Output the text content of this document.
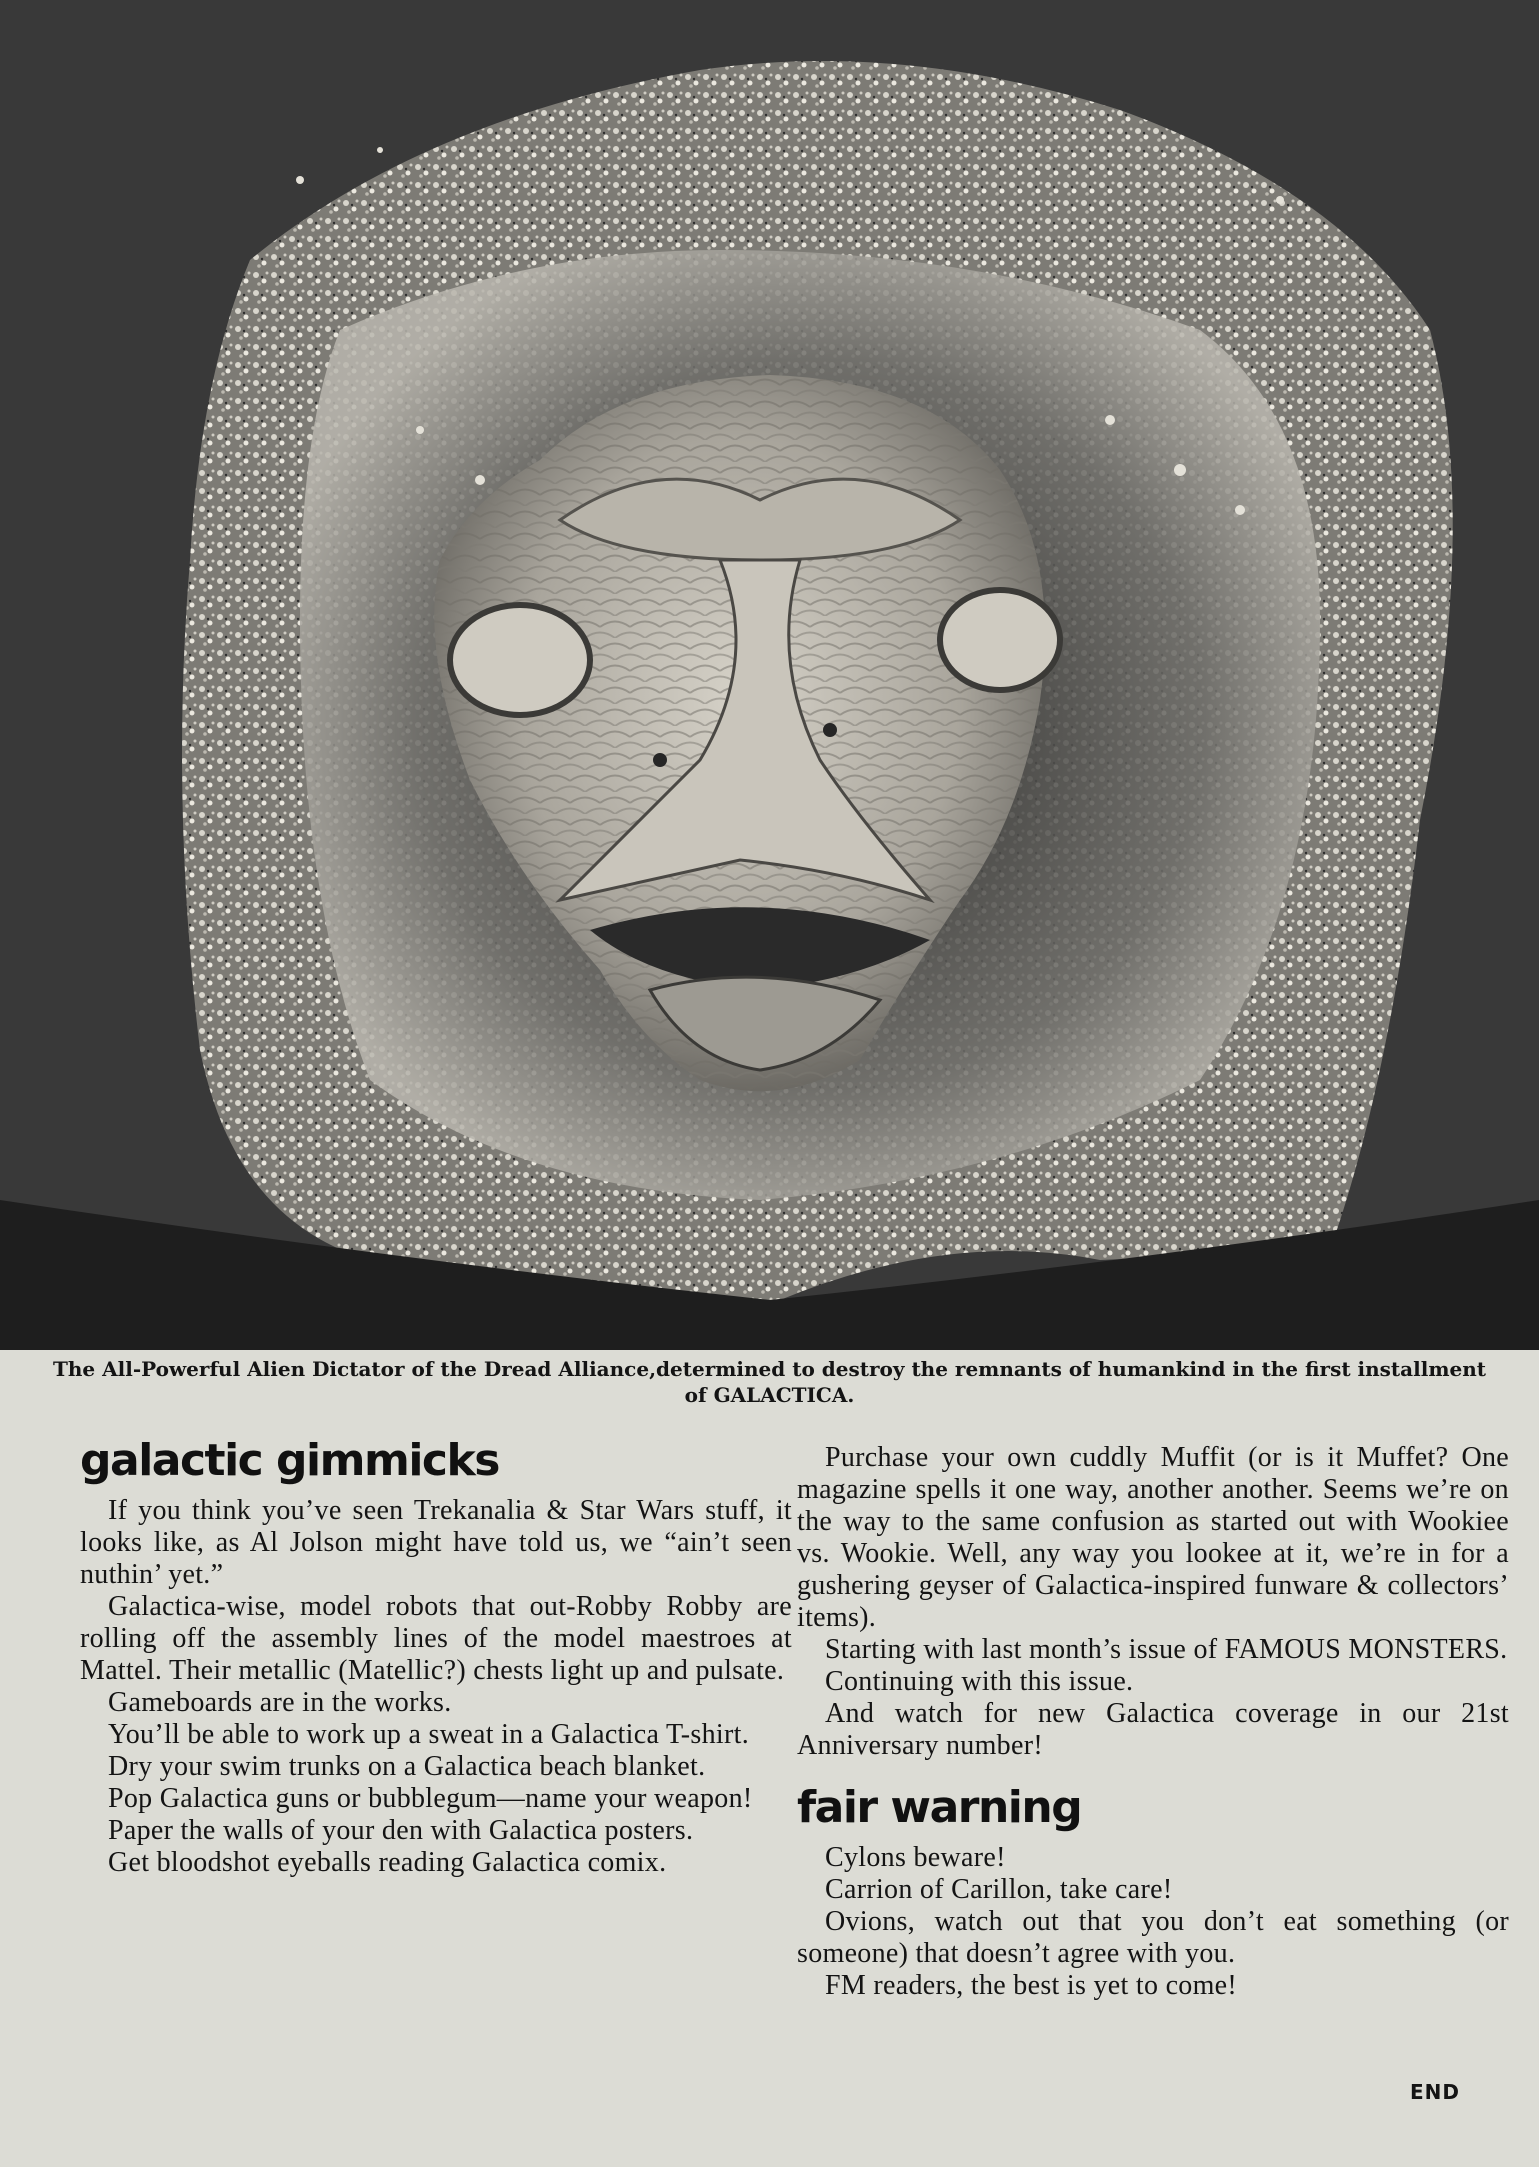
The All-Powerful Alien Dictator of the Dread Alliance,determined to destroy the remnants of humankind in the first installment of GALACTICA.

galactic gimmicks

If you think you’ve seen Trekanalia & Star Wars stuff, it looks like, as Al Jolson might have told us, we “ain’t seen nuthin’ yet.”

Galactica-wise, model robots that out-Robby Robby are rolling off the assembly lines of the model maestroes at Mattel. Their metallic (Matellic?) chests light up and pulsate.

Gameboards are in the works.

You’ll be able to work up a sweat in a Galactica T-shirt.

Dry your swim trunks on a Galactica beach blanket.

Pop Galactica guns or bubblegum—name your weapon!

Paper the walls of your den with Galactica posters.

Get bloodshot eyeballs reading Galactica comix.

Purchase your own cuddly Muffit (or is it Muffet? One magazine spells it one way, another another. Seems we’re on the way to the same confusion as started out with Wookiee vs. Wookie. Well, any way you lookee at it, we’re in for a gushering geyser of Galactica-inspired funware & collectors’ items).

Starting with last month’s issue of FAMOUS MONSTERS.

Continuing with this issue.

And watch for new Galactica coverage in our 21st Anniversary number!

fair warning

Cylons beware!

Carrion of Carillon, take care!

Ovions, watch out that you don’t eat something (or someone) that doesn’t agree with you.

FM readers, the best is yet to come!

END
